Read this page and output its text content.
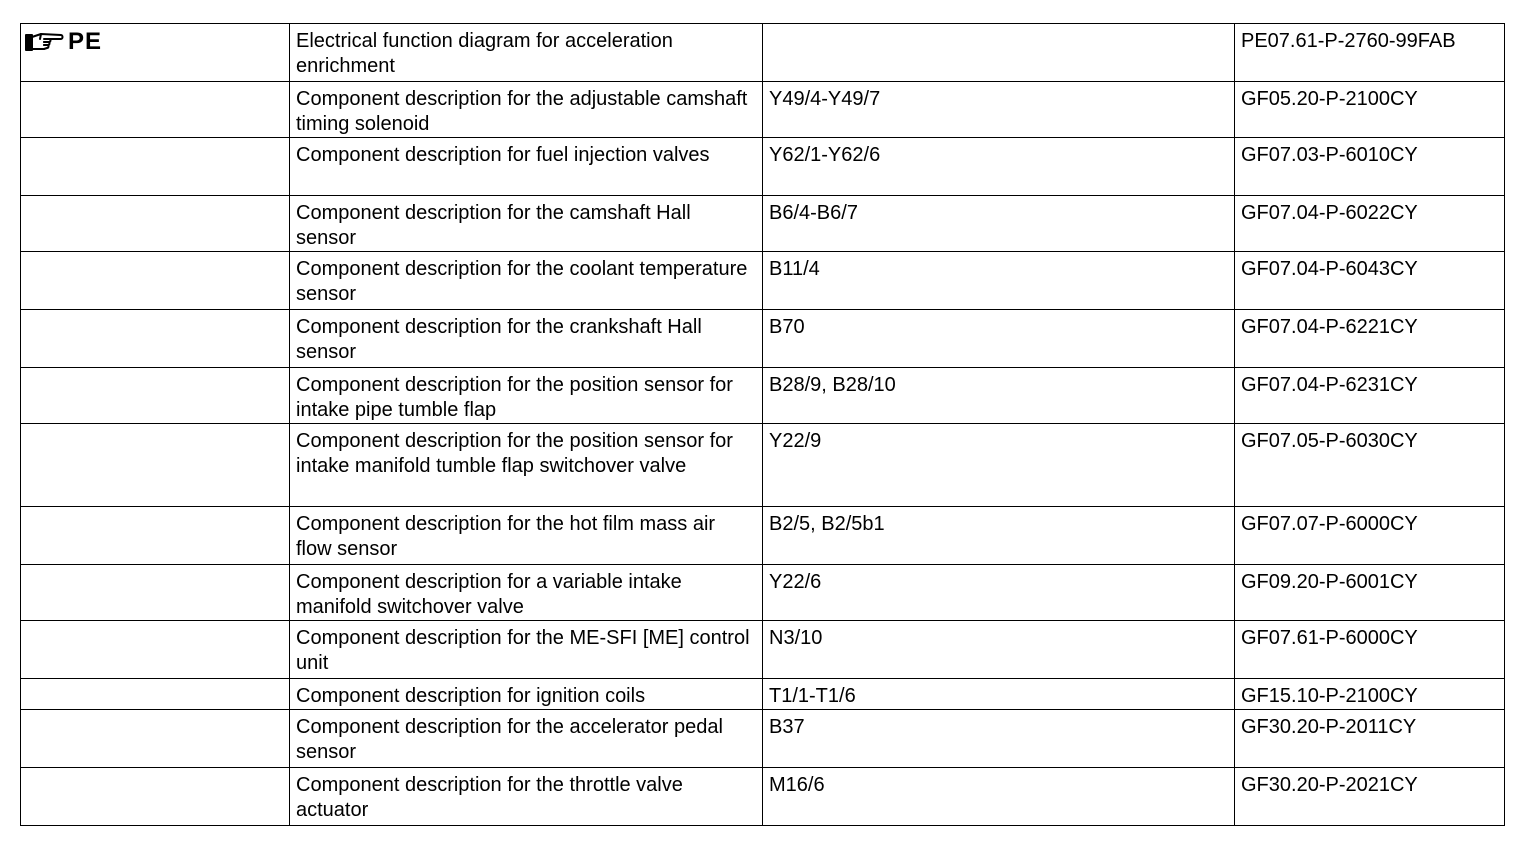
PE	Electrical function diagram for acceleration enrichment		PE07.61-P-2760-99FAB
	Component description for the adjustable camshaft timing solenoid	Y49/4-Y49/7	GF05.20-P-2100CY
	Component description for fuel injection valves	Y62/1-Y62/6	GF07.03-P-6010CY
	Component description for the camshaft Hall sensor	B6/4-B6/7	GF07.04-P-6022CY
	Component description for the coolant temperature sensor	B11/4	GF07.04-P-6043CY
	Component description for the crankshaft Hall sensor	B70	GF07.04-P-6221CY
	Component description for the position sensor for intake pipe tumble flap	B28/9, B28/10	GF07.04-P-6231CY
	Component description for the position sensor for intake manifold tumble flap switchover valve	Y22/9	GF07.05-P-6030CY
	Component description for the hot film mass air flow sensor	B2/5, B2/5b1	GF07.07-P-6000CY
	Component description for a variable intake manifold switchover valve	Y22/6	GF09.20-P-6001CY
	Component description for the ME-SFI [ME] control unit	N3/10	GF07.61-P-6000CY
	Component description for ignition coils	T1/1-T1/6	GF15.10-P-2100CY
	Component description for the accelerator pedal sensor	B37	GF30.20-P-2011CY
	Component description for the throttle valve actuator	M16/6	GF30.20-P-2021CY
